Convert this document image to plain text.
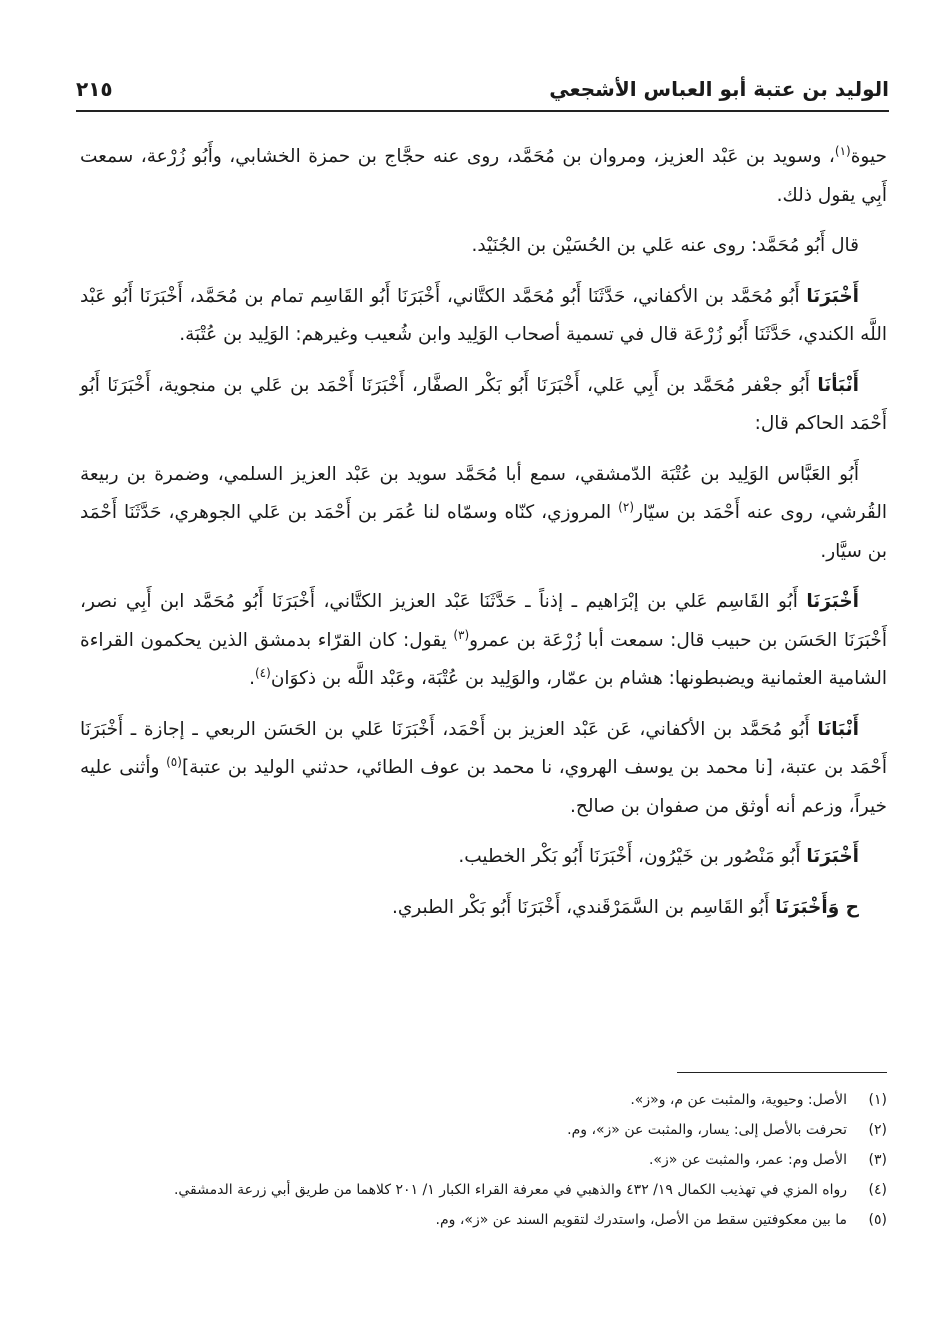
الوليد بن عتبة أبو العباس الأشجعي
٢١٥

حيوة$^{(١)}$، وسويد بن عَبْد العزيز، ومروان بن مُحَمَّد، روى عنه حجَّاج بن حمزة الخشابي، وأَبُو زُرْعة، سمعت أَبِي يقول ذلك.

قال أَبُو مُحَمَّد: روى عنه عَلي بن الحُسَيْن بن الجُنَيْد.

أَخْبَرَنَا أَبُو مُحَمَّد بن الأكفاني، حَدَّثَنَا أَبُو مُحَمَّد الكتَّاني، أَخْبَرَنَا أَبُو القَاسِم تمام بن مُحَمَّد، أَخْبَرَنَا أَبُو عَبْد اللَّه الكندي، حَدَّثَنَا أَبُو زُرْعَة قال في تسمية أصحاب الوَلِيد وابن شُعيب وغيرهم: الوَلِيد بن عُتْبَة.

أَنْبَأنَا أَبُو جعْفر مُحَمَّد بن أَبِي عَلي، أَخْبَرَنَا أَبُو بَكْر الصفَّار، أَخْبَرَنَا أَحْمَد بن عَلي بن منجوية، أَخْبَرَنَا أَبُو أَحْمَد الحاكم قال:

أَبُو العَبَّاس الوَلِيد بن عُتْبَة الدّمشقي، سمع أبا مُحَمَّد سويد بن عَبْد العزيز السلمي، وضمرة بن ربيعة القُرشي، روى عنه أَحْمَد بن سيّار$^{(٢)}$ المروزي، كنّاه وسمّاه لنا عُمَر بن أَحْمَد بن عَلي الجوهري، حَدَّثَنَا أَحْمَد بن سيَّار.

أَخْبَرَنَا أَبُو القَاسِم عَلي بن إبْرَاهيم ـ إذناً ـ حَدَّثَنَا عَبْد العزيز الكتَّاني، أَخْبَرَنَا أَبُو مُحَمَّد ابن أَبِي نصر، أَخْبَرَنَا الحَسَن بن حبيب قال: سمعت أبا زُرْعَة بن عمرو$^{(٣)}$ يقول: كان القرّاء بدمشق الذين يحكمون القراءة الشامية العثمانية ويضبطونها: هشام بن عمّار، والوَلِيد بن عُتْبَة، وعَبْد اللَّه بن ذكوَان$^{(٤)}$.

أَنْبَانَا أَبُو مُحَمَّد بن الأكفاني، عَن عَبْد العزيز بن أَحْمَد، أَخْبَرَنَا عَلي بن الحَسَن الربعي ـ إجازة ـ أَخْبَرَنَا أَحْمَد بن عتبة، [نا محمد بن يوسف الهروي، نا محمد بن عوف الطائي، حدثني الوليد بن عتبة]$^{(٥)}$ وأثنى عليه خيراً، وزعم أنه أوثق من صفوان بن صالح.

أَخْبَرَنَا أَبُو مَنْصُور بن خَيْرُون، أَخْبَرَنَا أَبُو بَكْر الخطيب.

ح وَأَخْبَرَنَا أَبُو القَاسِم بن السَّمَرْقَندي، أَخْبَرَنَا أَبُو بَكْر الطبري.

(١)
الأصل: وحيوية، والمثبت عن م، و«ز».
(٢)
تحرفت بالأصل إلى: يسار، والمثبت عن «ز»، وم.
(٣)
الأصل وم: عمر، والمثبت عن «ز».
(٤)
رواه المزي في تهذيب الكمال ١٩/ ٤٣٢ والذهبي في معرفة القراء الكبار ١/ ٢٠١ كلاهما من طريق أبي زرعة الدمشقي.
(٥)
ما بين معكوفتين سقط من الأصل، واستدرك لتقويم السند عن «ز»، وم.
